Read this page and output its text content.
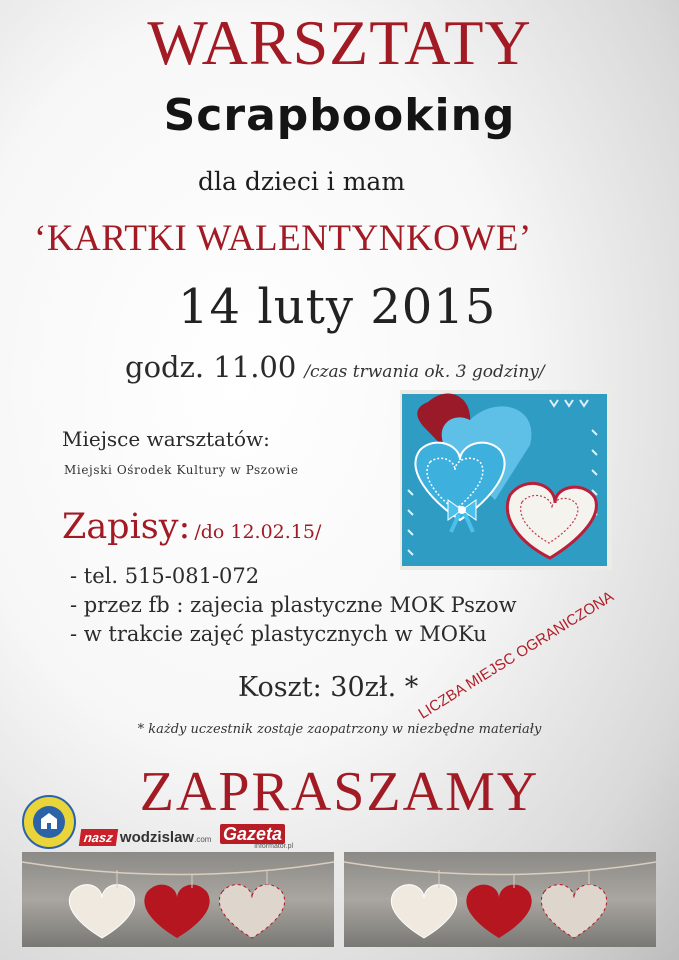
WARSZTATY
Scrapbooking
dla dzieci i mam
‘KARTKI WALENTYNKOWE’
14 luty 2015
godz. 11.00 /czas trwania ok. 3 godziny/
Miejsce warsztatów:
Miejski Ośrodek Kultury w Pszowie
Zapisy: /do 12.02.15/
- tel. 515-081-072
- przez fb : zajecia plastyczne MOK Pszow
- w trakcie zajęć plastycznych w MOKu
Koszt: 30zł. *
LICZBA MIEJSC OGRANICZONA
* każdy uczestnik zostaje zaopatrzony w niezbędne materiały
ZAPRASZAMY
nasz wodzislaw.com Gazeta
Informator.pl
